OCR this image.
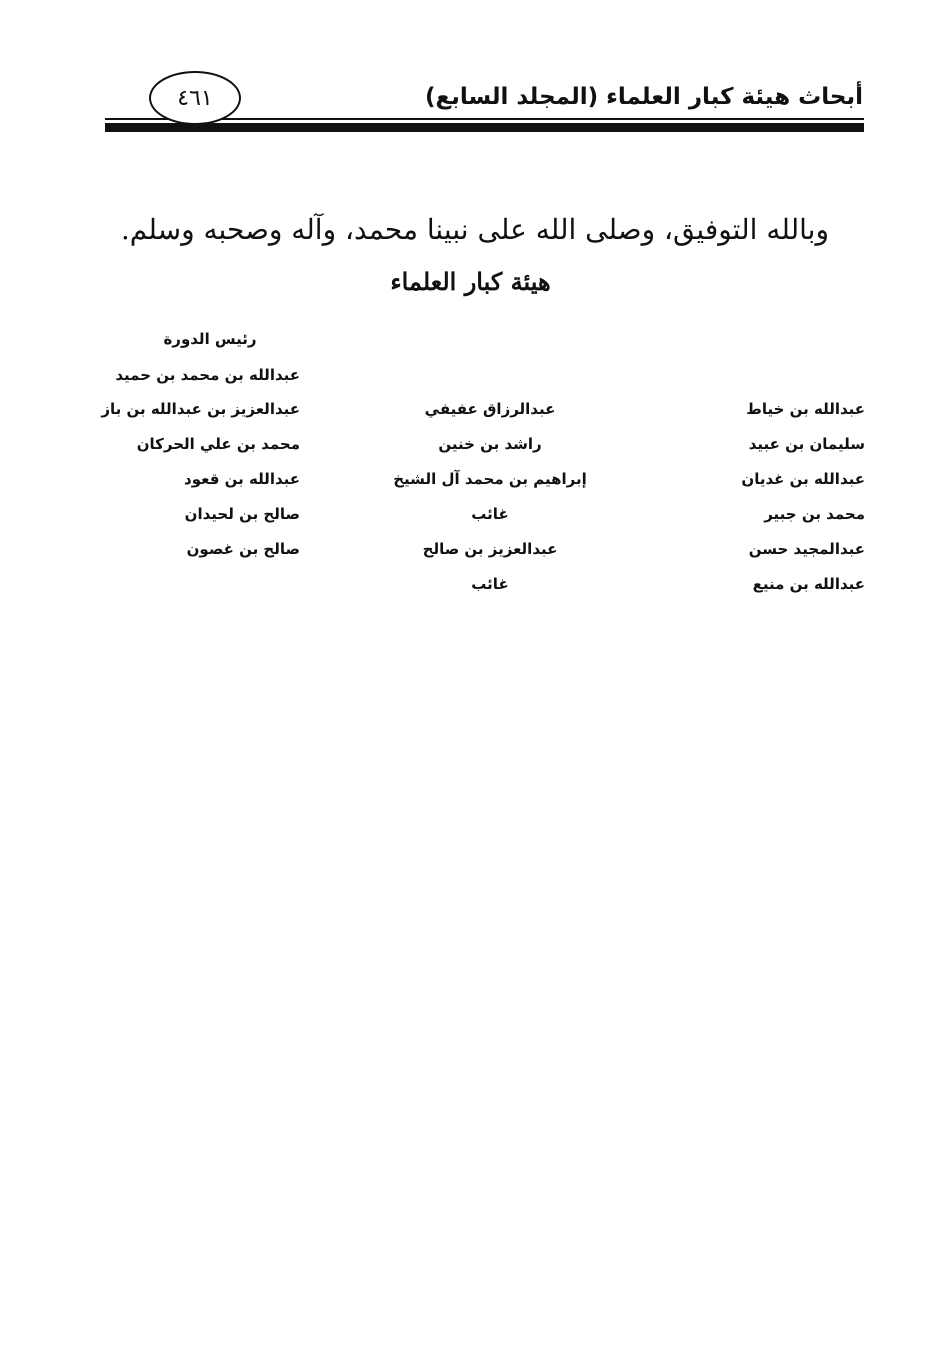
أبحاث هيئة كبار العلماء (المجلد السابع)
٤٦١
وبالله التوفيق، وصلى الله على نبينا محمد، وآله وصحبه وسلم.
هيئة كبار العلماء
رئيس الدورة
عبدالله بن محمد بن حميد
عبدالله بن خياط
سليمان بن عبيد
عبدالله بن غديان
محمد بن جبير
عبدالمجيد حسن
عبدالله بن منيع
عبدالرزاق عفيفي
راشد بن خنين
إبراهيم بن محمد آل الشيخ
غائب
عبدالعزيز بن صالح
غائب
عبدالعزيز بن عبدالله بن باز
محمد بن علي الحركان
عبدالله بن قعود
صالح بن لحيدان
صالح بن غصون
